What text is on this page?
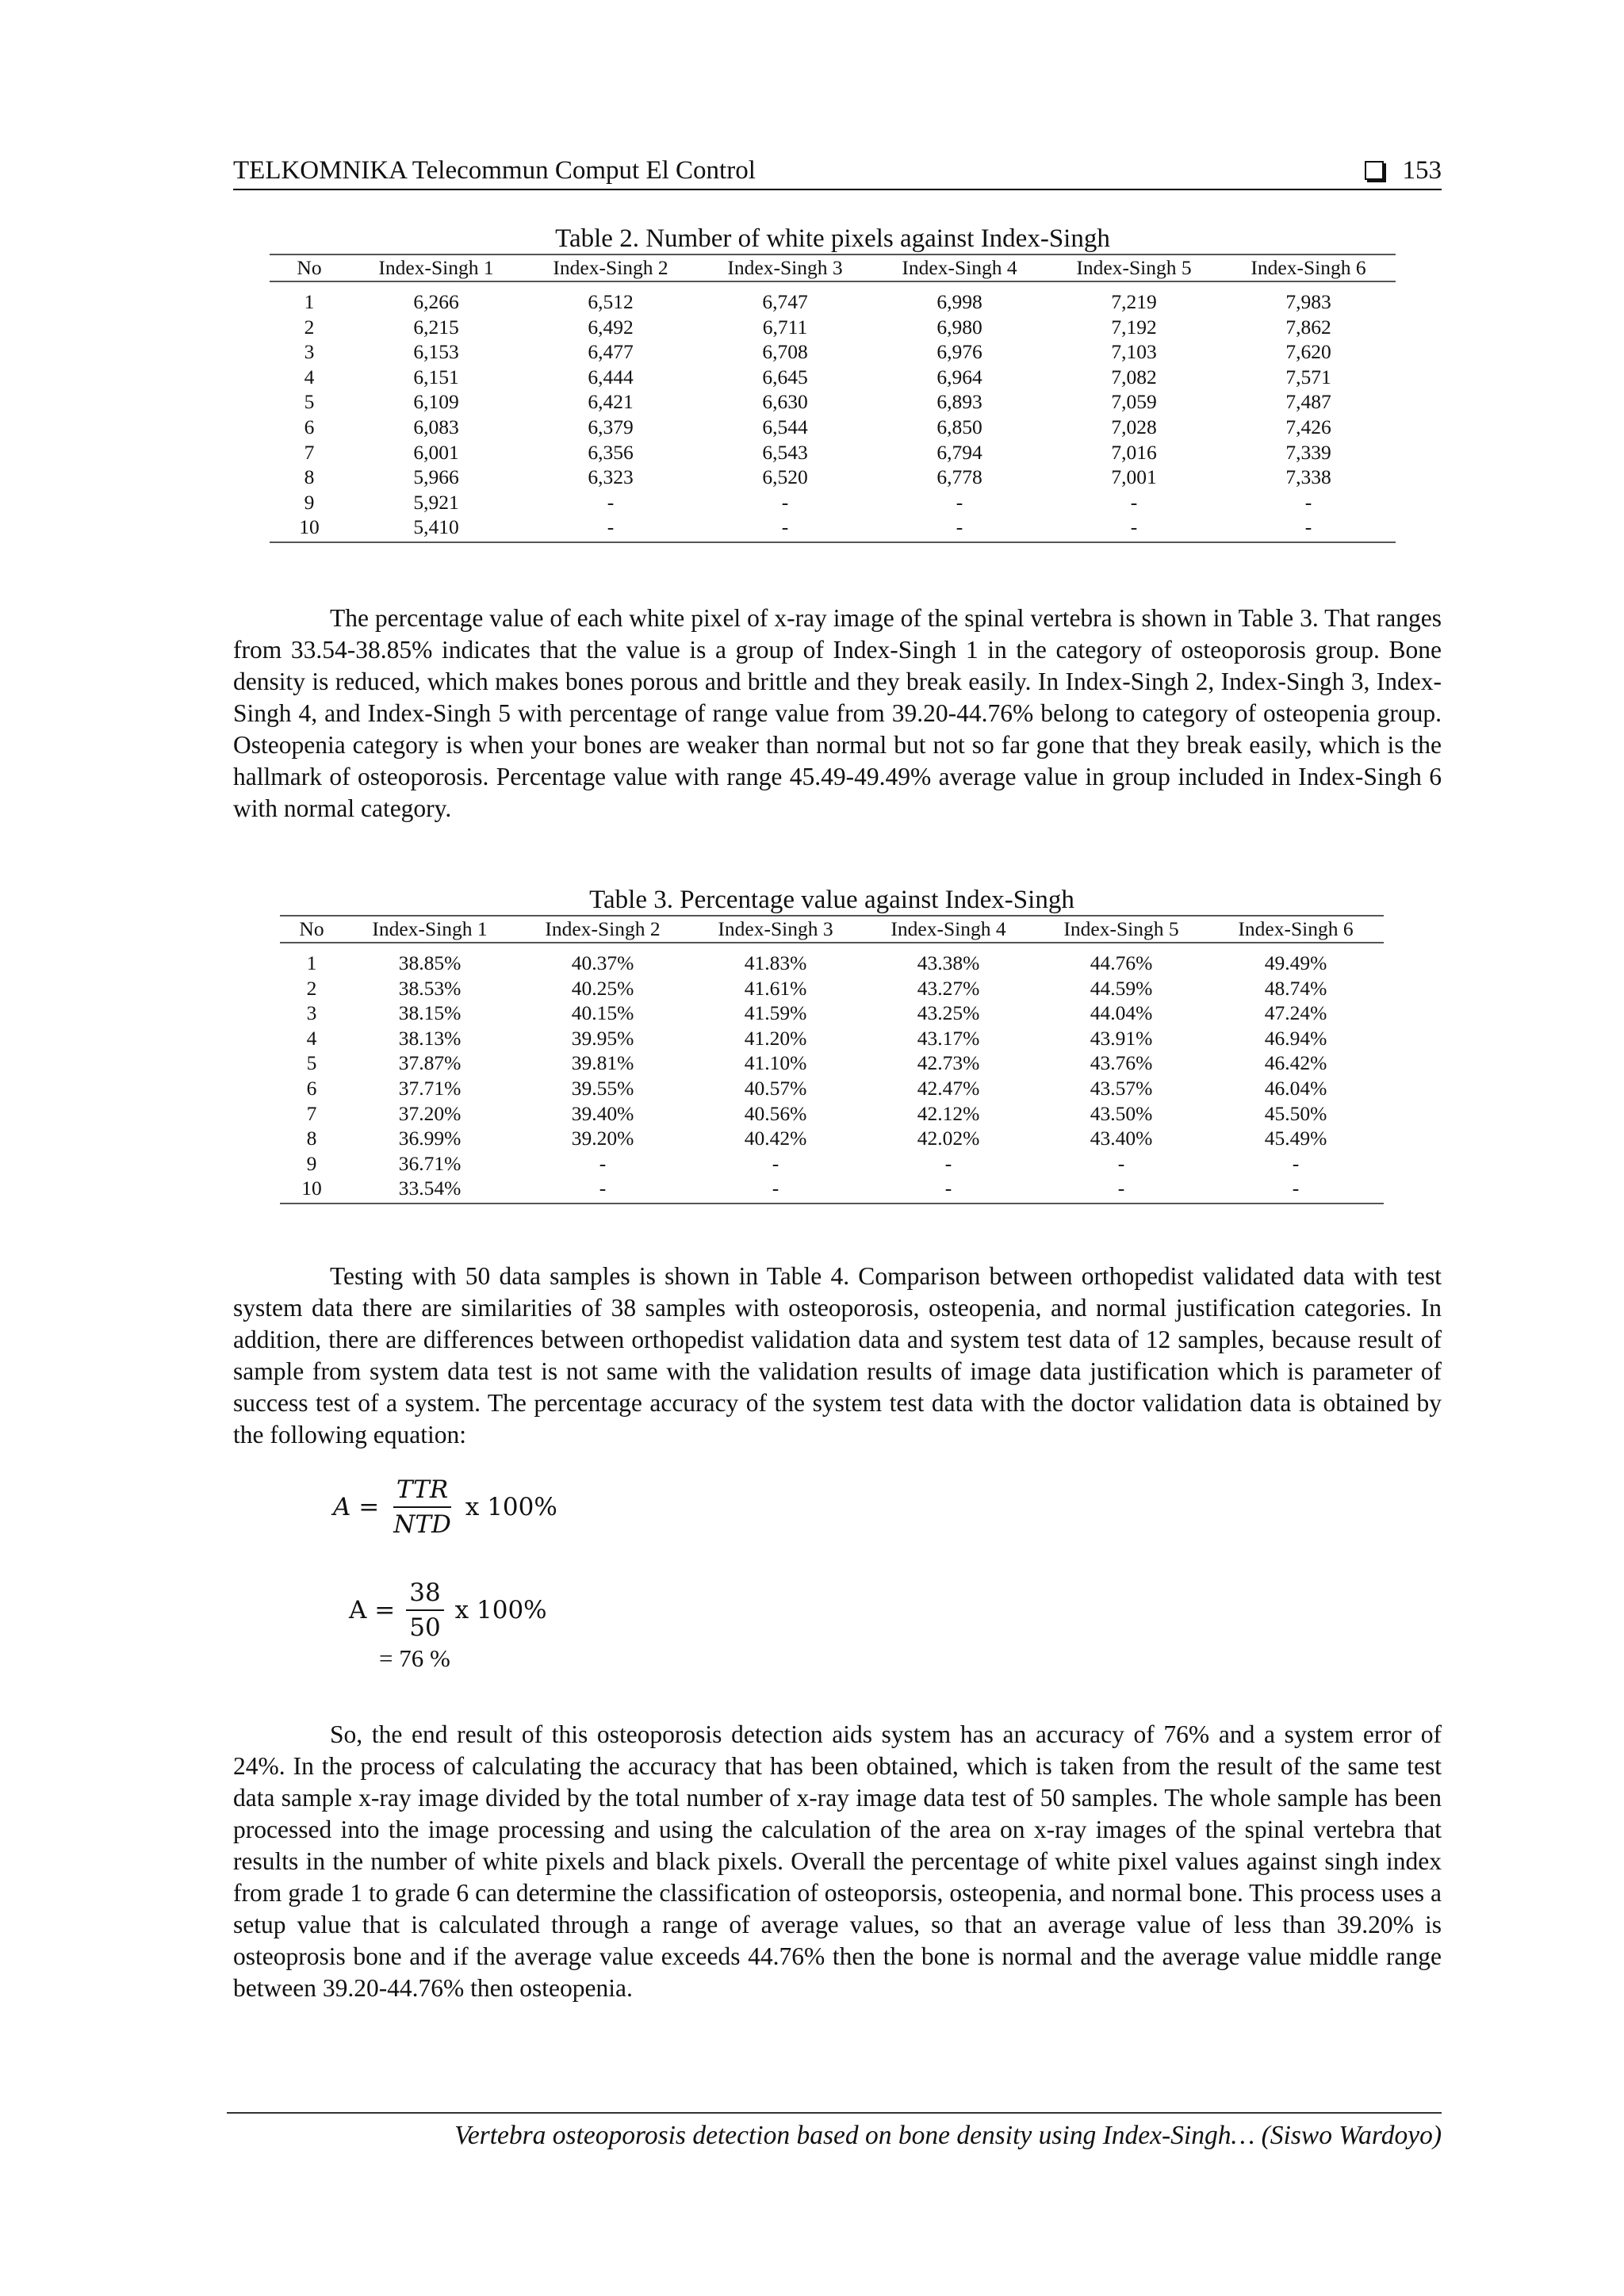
TELKOMNIKA Telecommun Comput El Control	153
Table 2. Number of white pixels against Index-Singh
No	Index-Singh 1	Index-Singh 2	Index-Singh 3	Index-Singh 4	Index-Singh 5	Index-Singh 6
1	6,266	6,512	6,747	6,998	7,219	7,983
2	6,215	6,492	6,711	6,980	7,192	7,862
3	6,153	6,477	6,708	6,976	7,103	7,620
4	6,151	6,444	6,645	6,964	7,082	7,571
5	6,109	6,421	6,630	6,893	7,059	7,487
6	6,083	6,379	6,544	6,850	7,028	7,426
7	6,001	6,356	6,543	6,794	7,016	7,339
8	5,966	6,323	6,520	6,778	7,001	7,338
9	5,921	-	-	-	-	-
10	5,410	-	-	-	-	-

The percentage value of each white pixel of x-ray image of the spinal vertebra is shown in Table 3. That ranges from 33.54-38.85% indicates that the value is a group of Index-Singh 1 in the category of osteoporosis group. Bone density is reduced, which makes bones porous and brittle and they break easily. In Index-Singh 2, Index-Singh 3, Index-Singh 4, and Index-Singh 5 with percentage of range value from 39.20-44.76% belong to category of osteopenia group. Osteopenia category is when your bones are weaker than normal but not so far gone that they break easily, which is the hallmark of osteoporosis. Percentage value with range 45.49-49.49% average value in group included in Index-Singh 6 with normal category.

Table 3. Percentage value against Index-Singh
No	Index-Singh 1	Index-Singh 2	Index-Singh 3	Index-Singh 4	Index-Singh 5	Index-Singh 6
1	38.85%	40.37%	41.83%	43.38%	44.76%	49.49%
2	38.53%	40.25%	41.61%	43.27%	44.59%	48.74%
3	38.15%	40.15%	41.59%	43.25%	44.04%	47.24%
4	38.13%	39.95%	41.20%	43.17%	43.91%	46.94%
5	37.87%	39.81%	41.10%	42.73%	43.76%	46.42%
6	37.71%	39.55%	40.57%	42.47%	43.57%	46.04%
7	37.20%	39.40%	40.56%	42.12%	43.50%	45.50%
8	36.99%	39.20%	40.42%	42.02%	43.40%	45.49%
9	36.71%	-	-	-	-	-
10	33.54%	-	-	-	-	-

Testing with 50 data samples is shown in Table 4. Comparison between orthopedist validated data with test system data there are similarities of 38 samples with osteoporosis, osteopenia, and normal justification categories. In addition, there are differences between orthopedist validation data and system test data of 12 samples, because result of sample from system data test is not same with the validation results of image data justification which is parameter of success test of a system. The percentage accuracy of the system test data with the doctor validation data is obtained by the following equation:

$A = \frac{\text{TTR}}{\text{NTD}}$ x 100%
$A = \frac{38}{50}$ x 100%
= 76 %

So, the end result of this osteoporosis detection aids system has an accuracy of 76% and a system error of 24%. In the process of calculating the accuracy that has been obtained, which is taken from the result of the same test data sample x-ray image divided by the total number of x-ray image data test of 50 samples. The whole sample has been processed into the image processing and using the calculation of the area on x-ray images of the spinal vertebra that results in the number of white pixels and black pixels. Overall the percentage of white pixel values against singh index from grade 1 to grade 6 can determine the classification of osteoporsis, osteopenia, and normal bone. This process uses a setup value that is calculated through a range of average values, so that an average value of less than 39.20% is osteoprosis bone and if the average value exceeds 44.76% then the bone is normal and the average value middle range between 39.20-44.76% then osteopenia.

Vertebra osteoporosis detection based on bone density using Index-Singh… (Siswo Wardoyo)
